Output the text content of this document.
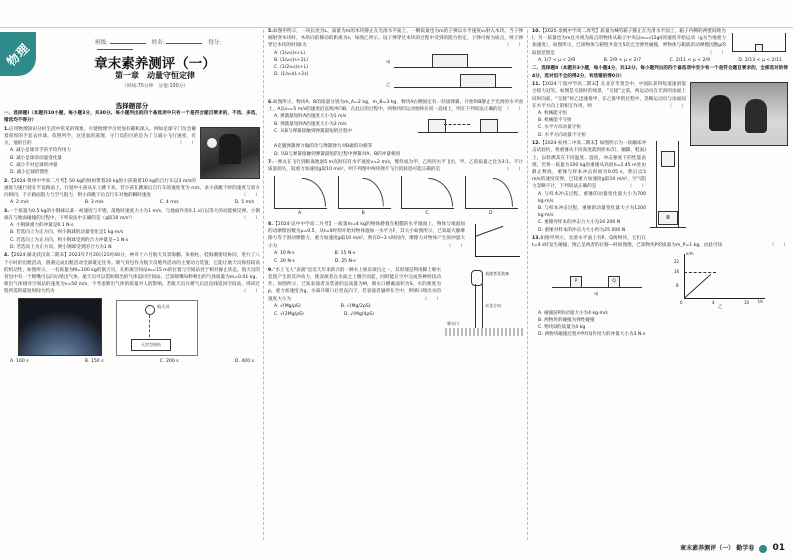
物理	班级:	姓名:	得分:
章末素养测评（一）
第一章 动量守恒定律
（时间:75分钟　分值:100分）
选择题部分
一、选择题Ⅰ（本题共10小题，每小题3分，共30分。每小题列出的四个备选项中只有一个是符合题目要求的，不选、多选、错选均不得分）
1.应用物理知识分析生活中常见的现象，可使物理学习更加有趣和深入。例如足球守门员会戴着厚厚的手套去扑球，依照所学，这里面的道理，守门员的目的是为了与减小飞行速度，有关，他的目的	（　　）
A. 减小足球对手的平均作用力
B. 减小足球的动量变化量
C. 减小手对足球的冲量
D. 减小足球的惯性
2.【2024·黄州中学高二月考】50 kg的妈妈带着20 kg的小孩骑着10 kg的自行车以3 m/s的速度匀速行驶在平直路面上。行驶中小孩从车上跳下来，若小孩在跳离后自行车的速度变为 m/s，求小孩跳下时的速度与原方向相同，不计路面阻力与空气阻力，则小孩跳下后自行车对地的瞬时速度	（　　）
A. 2 m/s	B. 3 m/s	C. 4 m/s	D. 5 m/s
3.一个质量为0.5 kg的小钢球以某一初速度与平墙，落地时速度大小为1 m/s，与地面作用0.1 s后以等大的动能被反弹。小钢球在与地面碰撞的过程中，下列说法中正确的是（g取10 m/s²）	（　　）
A. 小钢球重力的冲量是0.1 N·s
B. 若选向上为正方向，则小钢球的动量变化是1 kg·m/s
C. 若选向上为正方向，则小钢球受到的合力冲量是−1 N·s
D. 若选向上为正方向，则小钢球受到的合力为1 N
4.【2024·湖北武汉高二期末】2023年7月20日21时40分，神舟十六号航天员景海鹏、朱杨柱、桂海潮密切协同，进行了八个小时的出舱活动，圆满完成出舱活动全部既定任务。喷气背包作为航天员舱外活动的主要动力装置，它能让航天员保持较高的机动性，如图所示，一名质量为M=100 kg的航天员，在距离空间站x₀=15 m的位置与空间站处于相对静止状态，航天员的背包中有一个喷嘴可以向后喷出气体，航天员可以借助喷出的气体返回空间站。已知喷嘴每秒喷出的气体质量为m=0.01 kg，喷出气体相对空间站的速度为v=50 m/s，不考虑喷出气体的质量对人的影响。若航天员在喷气后沿直线返回空间站，则该过程所需的最短时间大约为	（　　）
航天员
天宫空间站
A. 100 s	B. 150 s	C. 200 s	D. 400 s
5.如图甲所示，一块长度为L、质量为m的木块静止在光滑水平面上，一颗质量也为m的子弹以水平速度v₀射入木块。当子弹刚射穿木块时，木块向前移动的距离为s，如图乙所示。设子弹穿过木块的过程中受到的阻力恒定，子弹可视为质点，则子弹穿过木块的时间t为	（　　）
A. (1/v₀)(s+L)
B. (1/v₀)(s+2L)
C. (1/2v₀)(s+L)
D. (1/v₀)(L+2s)
甲
乙
6.如图所示，物块A、B的质量分别为m_A=2 kg，m_B=3 kg，物块A右侧固定有一轻质弹簧，开始时B静止于光滑的水平面上，A以v₀=5 m/s的速度沿直线冲向B，在此后的过程中，两物块的运动始终在同一直线上，则在下列说法正确的是 （　　）
A. 弹簧最短时A的速度大小为1 m/s
B. 弹簧最短时A的速度大小为2 m/s
C. 从B与弹簧接触到弹簧最短的过程中
A克服弹簧弹力做的功与弹簧弹力对B做的功相等
D. 从B与弹簧接触到弹簧最短的过程中弹簧对A、B的冲量相同
7.一弹丸在飞行到距离地面5 m高时仅有水平速度v=2 m/s，爆炸成为甲、乙两块水平飞出，甲、乙的质量之比为3:1。不计质量损失，取重力加速度g取10 m/s²，则下列图中两块弹片飞行的轨迹可能正确的是	（　　）
A	B	C	D
8.【2024·吴中中学高二月考】一质量m=4 kg的物体静置在粗糙的水平地面上，物体与地面间的动摩擦因数为μ=0.5，从t=0时刻开始对物体施加一水平力F，其大小如图所示，已知最大静摩擦力等于滑动摩擦力，重力加速度g取10 m/s²，则在0~3 s时间内，摩擦力对物体产生的冲量大小为	（　　）
A. 10 N·s	B. 15 N·s
C. 20 N·s	D. 25 N·s
表演者及装备
水龙方向
喷水口
9.“水上飞人”表演“是近几年来新兴的一种水上娱乐项目之一，其原理是利用脚上喷水装置产生的反冲动力，使表演者在水面之上腾空而起，同时能在空中完成各种特技动作。如图所示，已知表演者及装备的总质量为M，喷水口横截面积为S，水的密度为ρ，重力加速度为g，水离开喷口后竖直向下，若表演者悬停在空中，则喷口喷出水的速度大小为	（　　）
A. √(Mg/ρS)	B. √(Mg/2ρS)
C. √(2Mg/ρS)	D. √(Mg/4ρS)
10.【2025·余姚中学高二周考】质量为M的箱子静止在光滑水平面上，箱子内侧的两壁间距为l，另一质量也为m且可视为质点的物体从箱子中央以v₀=√(2gl)的速度开始运动（g为当地重力加速度），如图所示，已知物体与箱壁共发生5次完全弹性碰撞，则物体与箱底的动摩擦因数μ的取值范围是	（　　）
A. 1/7 < μ < 2/9	B. 2/9 < μ < 2/7	C. 2/11 < μ < 2/9	D. 2/13 < μ < 2/11
二、选择题Ⅱ（本题共3小题，每小题4分，共12分。每小题列出的四个备选项中至少有一个是符合题目要求的，全部选对的得4分，选对但不全的得2分，有选错的得0分）
11.【2024·宁波中学高二期末】在北京冬奥会中，中国队获得短道速滑混合接力冠军。如图是交接时的场景，“交接”之前，两运动员在光滑的冰面上同时向前，“交接”时乙迅速推甲，在乙推甲的过程中，忽略运动员与冰面间在水平方向上的相互作用，则	（　　）
A. 机械能守恒
B. 机械能不守恒
C. 水平方向动量守恒
D. 水平方向动量不守恒
Ⅲ
12.【2024·杭州二中高二期末】如图所示为一款蹦床冲击试验机，将重锤从不同高度落到样本(钉、蹦脚、鞋面)上，以检测其在不同温度、湿度、冲击强度下的性能表现，若将一质量为100 kg的重锤从高度h=2.45 m处由静止释放，重锤与样本冲击时间为0.05 s，然后以5 m/s的速度反弹，已知重力加速度g取10 m/s²，空气阻力忽略不计，下列说法正确的是	（　　）
A. 与样本冲击过程，重锤的动量变化量大小为700 kg·m/s
B. 与样本冲击过程，重锤的动量变化量大小为1200 kg·m/s
C. 重锤对样本的冲击力大小为24 200 N
D. 重锤对样本的冲击力大小约为25 000 N
13.如图甲所示，光滑水平面上有P、Q两物块，它们在t=4 s时发生碰撞，图乙是两者的位移—时间图像，已知物块P的质量为m_P=1 kg，由此可知	（　　）
P	Q
甲
x/m
t/s
22
16
8
0	4	10
乙
A. 碰撞前P的动量大小为4 kg·m/s
B. 两物块的碰撞为弹性碰撞
C. 物块Q的质量为4 kg
D. 两物块碰撞过程中P对Q作用力的冲量大小为3 N·s
章末素养测评（一） 勤学卷 01
